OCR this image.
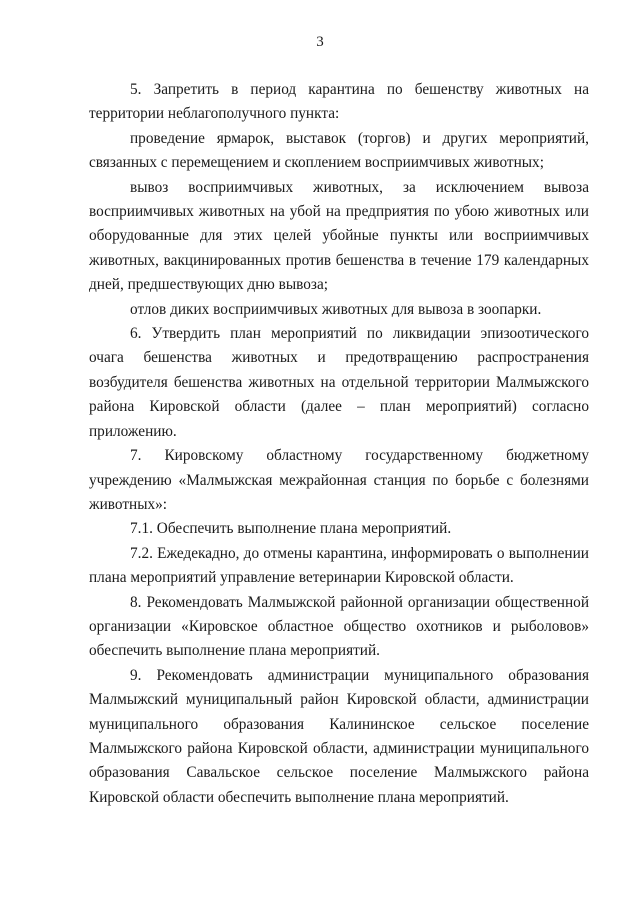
3

5. Запретить в период карантина по бешенству животных на территории неблагополучного пункта:

проведение ярмарок, выставок (торгов) и других мероприятий, связанных с перемещением и скоплением восприимчивых животных;

вывоз восприимчивых животных, за исключением вывоза восприимчивых животных на убой на предприятия по убою животных или оборудованные для этих целей убойные пункты или восприимчивых животных, вакцинированных против бешенства в течение 179 календарных дней, предшествующих дню вывоза;

отлов диких восприимчивых животных для вывоза в зоопарки.

6. Утвердить план мероприятий по ликвидации эпизоотического очага бешенства животных и предотвращению распространения возбудителя бешенства животных на отдельной территории Малмыжского района Кировской области (далее – план мероприятий) согласно приложению.

7. Кировскому областному государственному бюджетному учреждению «Малмыжская межрайонная станция по борьбе с болезнями животных»:

7.1. Обеспечить выполнение плана мероприятий.

7.2. Ежедекадно, до отмены карантина, информировать о выполнении плана мероприятий управление ветеринарии Кировской области.

8. Рекомендовать Малмыжской районной организации общественной организации «Кировское областное общество охотников и рыболовов» обеспечить выполнение плана мероприятий.

9. Рекомендовать администрации муниципального образования Малмыжский муниципальный район Кировской области, администрации муниципального образования Калининское сельское поселение Малмыжского района Кировской области, администрации муниципального образования Савальское сельское поселение Малмыжского района Кировской области обеспечить выполнение плана мероприятий.
